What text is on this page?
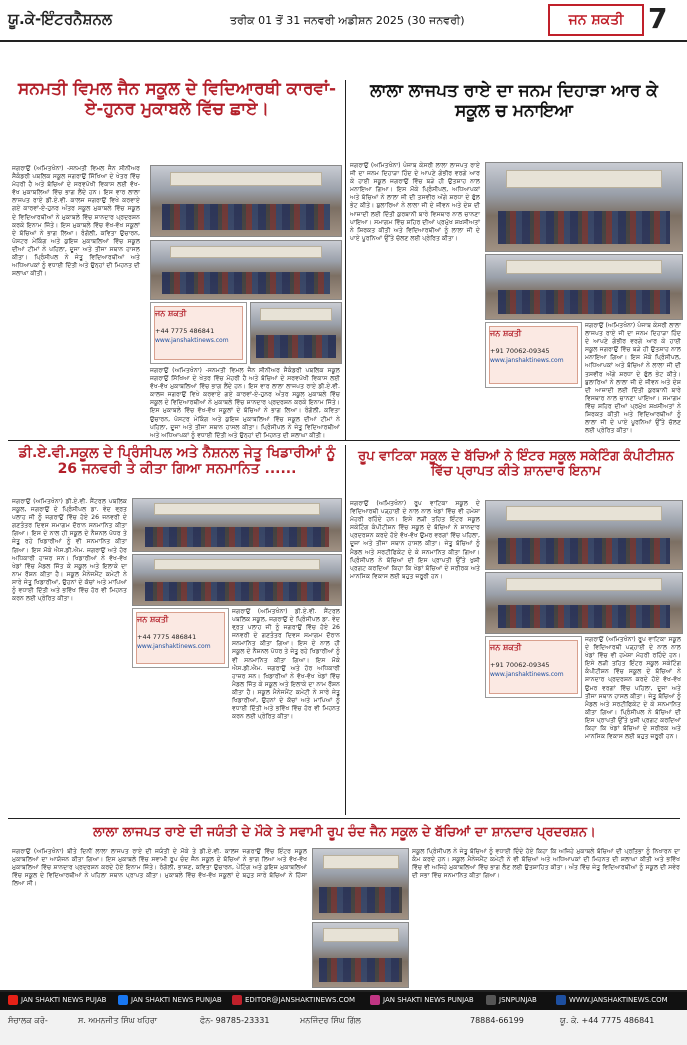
ਯੂ.ਕੇ-ਇੰਟਰਨੈਸ਼ਨਲ	ਤਰੀਕ 01 ਤੋਂ 31 ਜਨਵਰੀ ਅਡੀਸ਼ਨ 2025 (30 ਜਨਵਰੀ)	ਜਨ ਸ਼ਕਤੀ 7
ਸਨਮਤੀ ਵਿਮਲ ਜੈਨ ਸਕੂਲ ਦੇ ਵਿਦਿਆਰਥੀ ਕਾਰਵਾਂ-ਏ-ਹੁਨਰ ਮੁਕਾਬਲੇ ਵਿੱਚ ਛਾਏ।
ਜਗਰਾਉਂ (ਅਮਿਤਖੰਨਾ) -ਸਨਮਤੀ ਵਿਮਲ ਜੈਨ ਸੀਨੀਅਰ ਸੈਕੰਡਰੀ ਪਬਲਿਕ ਸਕੂਲ ਜਗਰਾਉਂ ਸਿੱਖਿਆ ਦੇ ਖੇਤਰ ਵਿੱਚ ਮੋਹਰੀ ਹੈ ਅਤੇ ਬੱਚਿਆਂ ਦੇ ਸਰਵਪੱਖੀ ਵਿਕਾਸ ਲਈ ਵੱਖ-ਵੱਖ ਮੁਕਾਬਲਿਆਂ ਵਿੱਚ ਭਾਗ ਲੈਂਦੇ ਹਨ। ਇਸ ਵਾਰ ਲਾਲਾ ਲਾਜਪਤ ਰਾਏ ਡੀ.ਏ.ਵੀ. ਕਾਲਜ ਜਗਰਾਉਂ ਵਿਖੇ ਕਰਵਾਏ ਗਏ ਕਾਰਵਾਂ-ਏ-ਹੁਨਰ ਅੰਤਰ ਸਕੂਲ ਮੁਕਾਬਲੇ ਵਿੱਚ ਸਕੂਲ ਦੇ ਵਿਦਿਆਰਥੀਆਂ ਨੇ ਮੁਕਾਬਲੇ ਵਿੱਚ ਸ਼ਾਨਦਾਰ ਪ੍ਰਦਰਸ਼ਨ ਕਰਕੇ ਇਨਾਮ ਜਿੱਤੇ। ਇਸ ਮੁਕਾਬਲੇ ਵਿੱਚ ਵੱਖ-ਵੱਖ ਸਕੂਲਾਂ ਦੇ ਬੱਚਿਆਂ ਨੇ ਭਾਗ ਲਿਆ। ਰੰਗੋਲੀ, ਕਵਿਤਾ ਉਚਾਰਨ, ਪੋਸਟਰ ਮੇਕਿੰਗ ਅਤੇ ਕੁਇਜ਼ ਮੁਕਾਬਲਿਆਂ ਵਿੱਚ ਸਕੂਲ ਦੀਆਂ ਟੀਮਾਂ ਨੇ ਪਹਿਲਾ, ਦੂਜਾ ਅਤੇ ਤੀਜਾ ਸਥਾਨ ਹਾਸਲ ਕੀਤਾ। ਪ੍ਰਿੰਸੀਪਲ ਨੇ ਜੇਤੂ ਵਿਦਿਆਰਥੀਆਂ ਅਤੇ ਅਧਿਆਪਕਾਂ ਨੂੰ ਵਧਾਈ ਦਿੱਤੀ ਅਤੇ ਉਨ੍ਹਾਂ ਦੀ ਮਿਹਨਤ ਦੀ ਸ਼ਲਾਘਾ ਕੀਤੀ।
ਜਨ ਸ਼ਕਤੀ
+44 7775 486841
www.janshaktinews.com
ਜਗਰਾਉਂ (ਅਮਿਤਖੰਨਾ) -ਸਨਮਤੀ ਵਿਮਲ ਜੈਨ ਸੀਨੀਅਰ ਸੈਕੰਡਰੀ ਪਬਲਿਕ ਸਕੂਲ ਜਗਰਾਉਂ ਸਿੱਖਿਆ ਦੇ ਖੇਤਰ ਵਿੱਚ ਮੋਹਰੀ ਹੈ ਅਤੇ ਬੱਚਿਆਂ ਦੇ ਸਰਵਪੱਖੀ ਵਿਕਾਸ ਲਈ ਵੱਖ-ਵੱਖ ਮੁਕਾਬਲਿਆਂ ਵਿੱਚ ਭਾਗ ਲੈਂਦੇ ਹਨ। ਇਸ ਵਾਰ ਲਾਲਾ ਲਾਜਪਤ ਰਾਏ ਡੀ.ਏ.ਵੀ. ਕਾਲਜ ਜਗਰਾਉਂ ਵਿਖੇ ਕਰਵਾਏ ਗਏ ਕਾਰਵਾਂ-ਏ-ਹੁਨਰ ਅੰਤਰ ਸਕੂਲ ਮੁਕਾਬਲੇ ਵਿੱਚ ਸਕੂਲ ਦੇ ਵਿਦਿਆਰਥੀਆਂ ਨੇ ਮੁਕਾਬਲੇ ਵਿੱਚ ਸ਼ਾਨਦਾਰ ਪ੍ਰਦਰਸ਼ਨ ਕਰਕੇ ਇਨਾਮ ਜਿੱਤੇ। ਇਸ ਮੁਕਾਬਲੇ ਵਿੱਚ ਵੱਖ-ਵੱਖ ਸਕੂਲਾਂ ਦੇ ਬੱਚਿਆਂ ਨੇ ਭਾਗ ਲਿਆ। ਰੰਗੋਲੀ, ਕਵਿਤਾ ਉਚਾਰਨ, ਪੋਸਟਰ ਮੇਕਿੰਗ ਅਤੇ ਕੁਇਜ਼ ਮੁਕਾਬਲਿਆਂ ਵਿੱਚ ਸਕੂਲ ਦੀਆਂ ਟੀਮਾਂ ਨੇ ਪਹਿਲਾ, ਦੂਜਾ ਅਤੇ ਤੀਜਾ ਸਥਾਨ ਹਾਸਲ ਕੀਤਾ। ਪ੍ਰਿੰਸੀਪਲ ਨੇ ਜੇਤੂ ਵਿਦਿਆਰਥੀਆਂ ਅਤੇ ਅਧਿਆਪਕਾਂ ਨੂੰ ਵਧਾਈ ਦਿੱਤੀ ਅਤੇ ਉਨ੍ਹਾਂ ਦੀ ਮਿਹਨਤ ਦੀ ਸ਼ਲਾਘਾ ਕੀਤੀ।
ਲਾਲਾ ਲਾਜਪਤ ਰਾਏ ਦਾ ਜਨਮ ਦਿਹਾੜਾ ਆਰ ਕੇ ਸਕੂਲ ਚ ਮਨਾਇਆ
ਜਗਰਾਉਂ (ਅਮਿਤਖੰਨਾ) ਪੰਜਾਬ ਕੇਸਰੀ ਲਾਲਾ ਲਾਜਪਤ ਰਾਏ ਜੀ ਦਾ ਜਨਮ ਦਿਹਾੜਾ ਹਿੰਦ ਦੇ ਆਪਣੇ ਗੰਭੀਰ ਵਰਗੇ ਆਰ ਕੇ ਹਾਈ ਸਕੂਲ ਜਗਰਾਉਂ ਵਿੱਚ ਬੜੇ ਹੀ ਉਤਸ਼ਾਹ ਨਾਲ ਮਨਾਇਆ ਗਿਆ। ਇਸ ਮੌਕੇ ਪ੍ਰਿੰਸੀਪਲ, ਅਧਿਆਪਕਾਂ ਅਤੇ ਬੱਚਿਆਂ ਨੇ ਲਾਲਾ ਜੀ ਦੀ ਤਸਵੀਰ ਅੱਗੇ ਸ਼ਰਧਾ ਦੇ ਫੁੱਲ ਭੇਟ ਕੀਤੇ। ਬੁਲਾਰਿਆਂ ਨੇ ਲਾਲਾ ਜੀ ਦੇ ਜੀਵਨ ਅਤੇ ਦੇਸ਼ ਦੀ ਆਜ਼ਾਦੀ ਲਈ ਦਿੱਤੀ ਕੁਰਬਾਨੀ ਬਾਰੇ ਵਿਸਥਾਰ ਨਾਲ ਚਾਨਣਾ ਪਾਇਆ। ਸਮਾਗਮ ਵਿੱਚ ਸ਼ਹਿਰ ਦੀਆਂ ਪ੍ਰਮੁੱਖ ਸ਼ਖ਼ਸੀਅਤਾਂ ਨੇ ਸ਼ਿਰਕਤ ਕੀਤੀ ਅਤੇ ਵਿਦਿਆਰਥੀਆਂ ਨੂੰ ਲਾਲਾ ਜੀ ਦੇ ਪਾਏ ਪੂਰਨਿਆਂ ਉੱਤੇ ਚੱਲਣ ਲਈ ਪ੍ਰੇਰਿਤ ਕੀਤਾ।
ਜਨ ਸ਼ਕਤੀ
+91 70062-09345
www.janshaktinews.com
ਜਗਰਾਉਂ (ਅਮਿਤਖੰਨਾ) ਪੰਜਾਬ ਕੇਸਰੀ ਲਾਲਾ ਲਾਜਪਤ ਰਾਏ ਜੀ ਦਾ ਜਨਮ ਦਿਹਾੜਾ ਹਿੰਦ ਦੇ ਆਪਣੇ ਗੰਭੀਰ ਵਰਗੇ ਆਰ ਕੇ ਹਾਈ ਸਕੂਲ ਜਗਰਾਉਂ ਵਿੱਚ ਬੜੇ ਹੀ ਉਤਸ਼ਾਹ ਨਾਲ ਮਨਾਇਆ ਗਿਆ। ਇਸ ਮੌਕੇ ਪ੍ਰਿੰਸੀਪਲ, ਅਧਿਆਪਕਾਂ ਅਤੇ ਬੱਚਿਆਂ ਨੇ ਲਾਲਾ ਜੀ ਦੀ ਤਸਵੀਰ ਅੱਗੇ ਸ਼ਰਧਾ ਦੇ ਫੁੱਲ ਭੇਟ ਕੀਤੇ। ਬੁਲਾਰਿਆਂ ਨੇ ਲਾਲਾ ਜੀ ਦੇ ਜੀਵਨ ਅਤੇ ਦੇਸ਼ ਦੀ ਆਜ਼ਾਦੀ ਲਈ ਦਿੱਤੀ ਕੁਰਬਾਨੀ ਬਾਰੇ ਵਿਸਥਾਰ ਨਾਲ ਚਾਨਣਾ ਪਾਇਆ। ਸਮਾਗਮ ਵਿੱਚ ਸ਼ਹਿਰ ਦੀਆਂ ਪ੍ਰਮੁੱਖ ਸ਼ਖ਼ਸੀਅਤਾਂ ਨੇ ਸ਼ਿਰਕਤ ਕੀਤੀ ਅਤੇ ਵਿਦਿਆਰਥੀਆਂ ਨੂੰ ਲਾਲਾ ਜੀ ਦੇ ਪਾਏ ਪੂਰਨਿਆਂ ਉੱਤੇ ਚੱਲਣ ਲਈ ਪ੍ਰੇਰਿਤ ਕੀਤਾ।
ਡੀ.ਏ.ਵੀ.ਸਕੂਲ ਦੇ ਪ੍ਰਿੰਸੀਪਲ ਅਤੇ ਨੈਸ਼ਨਲ ਜੇਤੂ ਖਿਡਾਰੀਆਂ ਨੂੰ 26 ਜਨਵਰੀ ਤੇ ਕੀਤਾ ਗਿਆ ਸਨਮਾਨਿਤ ......
ਜਗਰਾਉਂ (ਅਮਿਤਖੰਨਾ) ਡੀ.ਏ.ਵੀ. ਸੈਂਟਰਲ ਪਬਲਿਕ ਸਕੂਲ, ਜਗਰਾਉਂ ਦੇ ਪ੍ਰਿੰਸੀਪਲ ਡਾ. ਵੇਦ ਵ੍ਰਤ ਪਲਾਹ ਜੀ ਨੂੰ ਜਗਰਾਉਂ ਵਿੱਚ ਹੋਏ 26 ਜਨਵਰੀ ਦੇ ਗਣਤੰਤਰ ਦਿਵਸ ਸਮਾਗਮ ਦੌਰਾਨ ਸਨਮਾਨਿਤ ਕੀਤਾ ਗਿਆ। ਇਸ ਦੇ ਨਾਲ ਹੀ ਸਕੂਲ ਦੇ ਨੈਸ਼ਨਲ ਪੱਧਰ ਤੇ ਜੇਤੂ ਰਹੇ ਖਿਡਾਰੀਆਂ ਨੂੰ ਵੀ ਸਨਮਾਨਿਤ ਕੀਤਾ ਗਿਆ। ਇਸ ਮੌਕੇ ਐਸ.ਡੀ.ਐਮ. ਜਗਰਾਉਂ ਅਤੇ ਹੋਰ ਅਧਿਕਾਰੀ ਹਾਜ਼ਰ ਸਨ। ਖਿਡਾਰੀਆਂ ਨੇ ਵੱਖ-ਵੱਖ ਖੇਡਾਂ ਵਿੱਚ ਮੈਡਲ ਜਿੱਤ ਕੇ ਸਕੂਲ ਅਤੇ ਇਲਾਕੇ ਦਾ ਨਾਮ ਰੌਸ਼ਨ ਕੀਤਾ ਹੈ। ਸਕੂਲ ਮੈਨੇਜਮੈਂਟ ਕਮੇਟੀ ਨੇ ਸਾਰੇ ਜੇਤੂ ਖਿਡਾਰੀਆਂ, ਉਹਨਾਂ ਦੇ ਕੋਚਾਂ ਅਤੇ ਮਾਪਿਆਂ ਨੂੰ ਵਧਾਈ ਦਿੱਤੀ ਅਤੇ ਭਵਿੱਖ ਵਿੱਚ ਹੋਰ ਵੀ ਮਿਹਨਤ ਕਰਨ ਲਈ ਪ੍ਰੇਰਿਤ ਕੀਤਾ।
ਜਨ ਸ਼ਕਤੀ
+44 7775 486841
www.janshaktinews.com
ਜਗਰਾਉਂ (ਅਮਿਤਖੰਨਾ) ਡੀ.ਏ.ਵੀ. ਸੈਂਟਰਲ ਪਬਲਿਕ ਸਕੂਲ, ਜਗਰਾਉਂ ਦੇ ਪ੍ਰਿੰਸੀਪਲ ਡਾ. ਵੇਦ ਵ੍ਰਤ ਪਲਾਹ ਜੀ ਨੂੰ ਜਗਰਾਉਂ ਵਿੱਚ ਹੋਏ 26 ਜਨਵਰੀ ਦੇ ਗਣਤੰਤਰ ਦਿਵਸ ਸਮਾਗਮ ਦੌਰਾਨ ਸਨਮਾਨਿਤ ਕੀਤਾ ਗਿਆ। ਇਸ ਦੇ ਨਾਲ ਹੀ ਸਕੂਲ ਦੇ ਨੈਸ਼ਨਲ ਪੱਧਰ ਤੇ ਜੇਤੂ ਰਹੇ ਖਿਡਾਰੀਆਂ ਨੂੰ ਵੀ ਸਨਮਾਨਿਤ ਕੀਤਾ ਗਿਆ। ਇਸ ਮੌਕੇ ਐਸ.ਡੀ.ਐਮ. ਜਗਰਾਉਂ ਅਤੇ ਹੋਰ ਅਧਿਕਾਰੀ ਹਾਜ਼ਰ ਸਨ। ਖਿਡਾਰੀਆਂ ਨੇ ਵੱਖ-ਵੱਖ ਖੇਡਾਂ ਵਿੱਚ ਮੈਡਲ ਜਿੱਤ ਕੇ ਸਕੂਲ ਅਤੇ ਇਲਾਕੇ ਦਾ ਨਾਮ ਰੌਸ਼ਨ ਕੀਤਾ ਹੈ। ਸਕੂਲ ਮੈਨੇਜਮੈਂਟ ਕਮੇਟੀ ਨੇ ਸਾਰੇ ਜੇਤੂ ਖਿਡਾਰੀਆਂ, ਉਹਨਾਂ ਦੇ ਕੋਚਾਂ ਅਤੇ ਮਾਪਿਆਂ ਨੂੰ ਵਧਾਈ ਦਿੱਤੀ ਅਤੇ ਭਵਿੱਖ ਵਿੱਚ ਹੋਰ ਵੀ ਮਿਹਨਤ ਕਰਨ ਲਈ ਪ੍ਰੇਰਿਤ ਕੀਤਾ।
ਰੂਪ ਵਾਟਿਕਾ ਸਕੂਲ ਦੇ ਬੱਚਿਆਂ ਨੇ ਇੰਟਰ ਸਕੂਲ ਸਕੇਟਿੰਗ ਕੰਪੀਟੀਸ਼ਨ ਵਿੱਚ ਪ੍ਰਾਪਤ ਕੀਤੇ ਸ਼ਾਨਦਾਰ ਇਨਾਮ
ਜਗਰਾਉਂ (ਅਮਿਤਖੰਨਾ) ਰੂਪ ਵਾਟਿਕਾ ਸਕੂਲ ਦੇ ਵਿਦਿਆਰਥੀ ਪੜ੍ਹਾਈ ਦੇ ਨਾਲ ਨਾਲ ਖੇਡਾਂ ਵਿੱਚ ਵੀ ਹਮੇਸ਼ਾ ਮੋਹਰੀ ਰਹਿੰਦੇ ਹਨ। ਇਸੇ ਲੜੀ ਤਹਿਤ ਇੰਟਰ ਸਕੂਲ ਸਕੇਟਿੰਗ ਕੰਪੀਟੀਸ਼ਨ ਵਿੱਚ ਸਕੂਲ ਦੇ ਬੱਚਿਆਂ ਨੇ ਸ਼ਾਨਦਾਰ ਪ੍ਰਦਰਸ਼ਨ ਕਰਦੇ ਹੋਏ ਵੱਖ-ਵੱਖ ਉਮਰ ਵਰਗਾਂ ਵਿੱਚ ਪਹਿਲਾ, ਦੂਜਾ ਅਤੇ ਤੀਜਾ ਸਥਾਨ ਹਾਸਲ ਕੀਤਾ। ਜੇਤੂ ਬੱਚਿਆਂ ਨੂੰ ਮੈਡਲ ਅਤੇ ਸਰਟੀਫਿਕੇਟ ਦੇ ਕੇ ਸਨਮਾਨਿਤ ਕੀਤਾ ਗਿਆ। ਪ੍ਰਿੰਸੀਪਲ ਨੇ ਬੱਚਿਆਂ ਦੀ ਇਸ ਪ੍ਰਾਪਤੀ ਉੱਤੇ ਖੁਸ਼ੀ ਪ੍ਰਗਟ ਕਰਦਿਆਂ ਕਿਹਾ ਕਿ ਖੇਡਾਂ ਬੱਚਿਆਂ ਦੇ ਸਰੀਰਕ ਅਤੇ ਮਾਨਸਿਕ ਵਿਕਾਸ ਲਈ ਬਹੁਤ ਜ਼ਰੂਰੀ ਹਨ।
ਜਨ ਸ਼ਕਤੀ
+91 70062-09345
www.janshaktinews.com
ਜਗਰਾਉਂ (ਅਮਿਤਖੰਨਾ) ਰੂਪ ਵਾਟਿਕਾ ਸਕੂਲ ਦੇ ਵਿਦਿਆਰਥੀ ਪੜ੍ਹਾਈ ਦੇ ਨਾਲ ਨਾਲ ਖੇਡਾਂ ਵਿੱਚ ਵੀ ਹਮੇਸ਼ਾ ਮੋਹਰੀ ਰਹਿੰਦੇ ਹਨ। ਇਸੇ ਲੜੀ ਤਹਿਤ ਇੰਟਰ ਸਕੂਲ ਸਕੇਟਿੰਗ ਕੰਪੀਟੀਸ਼ਨ ਵਿੱਚ ਸਕੂਲ ਦੇ ਬੱਚਿਆਂ ਨੇ ਸ਼ਾਨਦਾਰ ਪ੍ਰਦਰਸ਼ਨ ਕਰਦੇ ਹੋਏ ਵੱਖ-ਵੱਖ ਉਮਰ ਵਰਗਾਂ ਵਿੱਚ ਪਹਿਲਾ, ਦੂਜਾ ਅਤੇ ਤੀਜਾ ਸਥਾਨ ਹਾਸਲ ਕੀਤਾ। ਜੇਤੂ ਬੱਚਿਆਂ ਨੂੰ ਮੈਡਲ ਅਤੇ ਸਰਟੀਫਿਕੇਟ ਦੇ ਕੇ ਸਨਮਾਨਿਤ ਕੀਤਾ ਗਿਆ। ਪ੍ਰਿੰਸੀਪਲ ਨੇ ਬੱਚਿਆਂ ਦੀ ਇਸ ਪ੍ਰਾਪਤੀ ਉੱਤੇ ਖੁਸ਼ੀ ਪ੍ਰਗਟ ਕਰਦਿਆਂ ਕਿਹਾ ਕਿ ਖੇਡਾਂ ਬੱਚਿਆਂ ਦੇ ਸਰੀਰਕ ਅਤੇ ਮਾਨਸਿਕ ਵਿਕਾਸ ਲਈ ਬਹੁਤ ਜ਼ਰੂਰੀ ਹਨ।
ਲਾਲਾ ਲਾਜਪਤ ਰਾਏ ਦੀ ਜਯੰਤੀ ਦੇ ਮੌਕੇ ਤੇ ਸਵਾਮੀ ਰੂਪ ਚੰਦ ਜੈਨ ਸਕੂਲ ਦੇ ਬੱਚਿਆਂ ਦਾ ਸ਼ਾਨਦਾਰ ਪ੍ਰਦਰਸ਼ਨ।
ਜਗਰਾਉਂ (ਅਮਿਤਖੰਨਾ) ਬੀਤੇ ਦਿਨੀਂ ਲਾਲਾ ਲਾਜਪਤ ਰਾਏ ਦੀ ਜਯੰਤੀ ਦੇ ਮੌਕੇ ਤੇ ਡੀ.ਏ.ਵੀ. ਕਾਲਜ ਜਗਰਾਉਂ ਵਿੱਚ ਇੰਟਰ ਸਕੂਲ ਮੁਕਾਬਲਿਆਂ ਦਾ ਆਯੋਜਨ ਕੀਤਾ ਗਿਆ। ਇਸ ਮੁਕਾਬਲੇ ਵਿੱਚ ਸਵਾਮੀ ਰੂਪ ਚੰਦ ਜੈਨ ਸਕੂਲ ਦੇ ਬੱਚਿਆਂ ਨੇ ਭਾਗ ਲਿਆ ਅਤੇ ਵੱਖ-ਵੱਖ ਮੁਕਾਬਲਿਆਂ ਵਿੱਚ ਸ਼ਾਨਦਾਰ ਪ੍ਰਦਰਸ਼ਨ ਕਰਦੇ ਹੋਏ ਇਨਾਮ ਜਿੱਤੇ। ਰੰਗੋਲੀ, ਭਾਸ਼ਣ, ਕਵਿਤਾ ਉਚਾਰਨ, ਪੇਂਟਿੰਗ ਅਤੇ ਕੁਇਜ਼ ਮੁਕਾਬਲਿਆਂ ਵਿੱਚ ਸਕੂਲ ਦੇ ਵਿਦਿਆਰਥੀਆਂ ਨੇ ਪਹਿਲਾ ਸਥਾਨ ਪ੍ਰਾਪਤ ਕੀਤਾ। ਮੁਕਾਬਲੇ ਵਿੱਚ ਵੱਖ-ਵੱਖ ਸਕੂਲਾਂ ਦੇ ਬਹੁਤ ਸਾਰੇ ਬੱਚਿਆਂ ਨੇ ਹਿੱਸਾ ਲਿਆ ਸੀ।
ਸਕੂਲ ਪ੍ਰਿੰਸੀਪਲ ਨੇ ਜੇਤੂ ਬੱਚਿਆਂ ਨੂੰ ਵਧਾਈ ਦਿੰਦੇ ਹੋਏ ਕਿਹਾ ਕਿ ਅਜਿਹੇ ਮੁਕਾਬਲੇ ਬੱਚਿਆਂ ਦੀ ਪ੍ਰਤਿਭਾ ਨੂੰ ਨਿਖਾਰਨ ਦਾ ਕੰਮ ਕਰਦੇ ਹਨ। ਸਕੂਲ ਮੈਨੇਜਮੈਂਟ ਕਮੇਟੀ ਨੇ ਵੀ ਬੱਚਿਆਂ ਅਤੇ ਅਧਿਆਪਕਾਂ ਦੀ ਮਿਹਨਤ ਦੀ ਸ਼ਲਾਘਾ ਕੀਤੀ ਅਤੇ ਭਵਿੱਖ ਵਿੱਚ ਵੀ ਅਜਿਹੇ ਮੁਕਾਬਲਿਆਂ ਵਿੱਚ ਭਾਗ ਲੈਣ ਲਈ ਉਤਸ਼ਾਹਿਤ ਕੀਤਾ। ਅੰਤ ਵਿੱਚ ਜੇਤੂ ਵਿਦਿਆਰਥੀਆਂ ਨੂੰ ਸਕੂਲ ਦੀ ਸਵੇਰ ਦੀ ਸਭਾ ਵਿੱਚ ਸਨਮਾਨਿਤ ਕੀਤਾ ਗਿਆ।
JAN SHAKTI NEWS PUJAB	JAN SHAKTI NEWS PUNJAB	EDITOR@JANSHAKTINEWS.COM	JAN SHAKTI NEWS PUNJAB	JSNPUNJAB	WWW.JANSHAKTINEWS.COM
ਸੰਚਾਲਕ ਕਰੋ-	ਸ. ਅਮਨਜੀਤ ਸਿੰਘ ਖਹਿਰਾ	ਫੋਨ- 98785-23331	ਮਨਜਿੰਦਰ ਸਿੰਘ ਗਿੱਲ	78884-66199	ਯੂ. ਕੇ. +44 7775 486841
